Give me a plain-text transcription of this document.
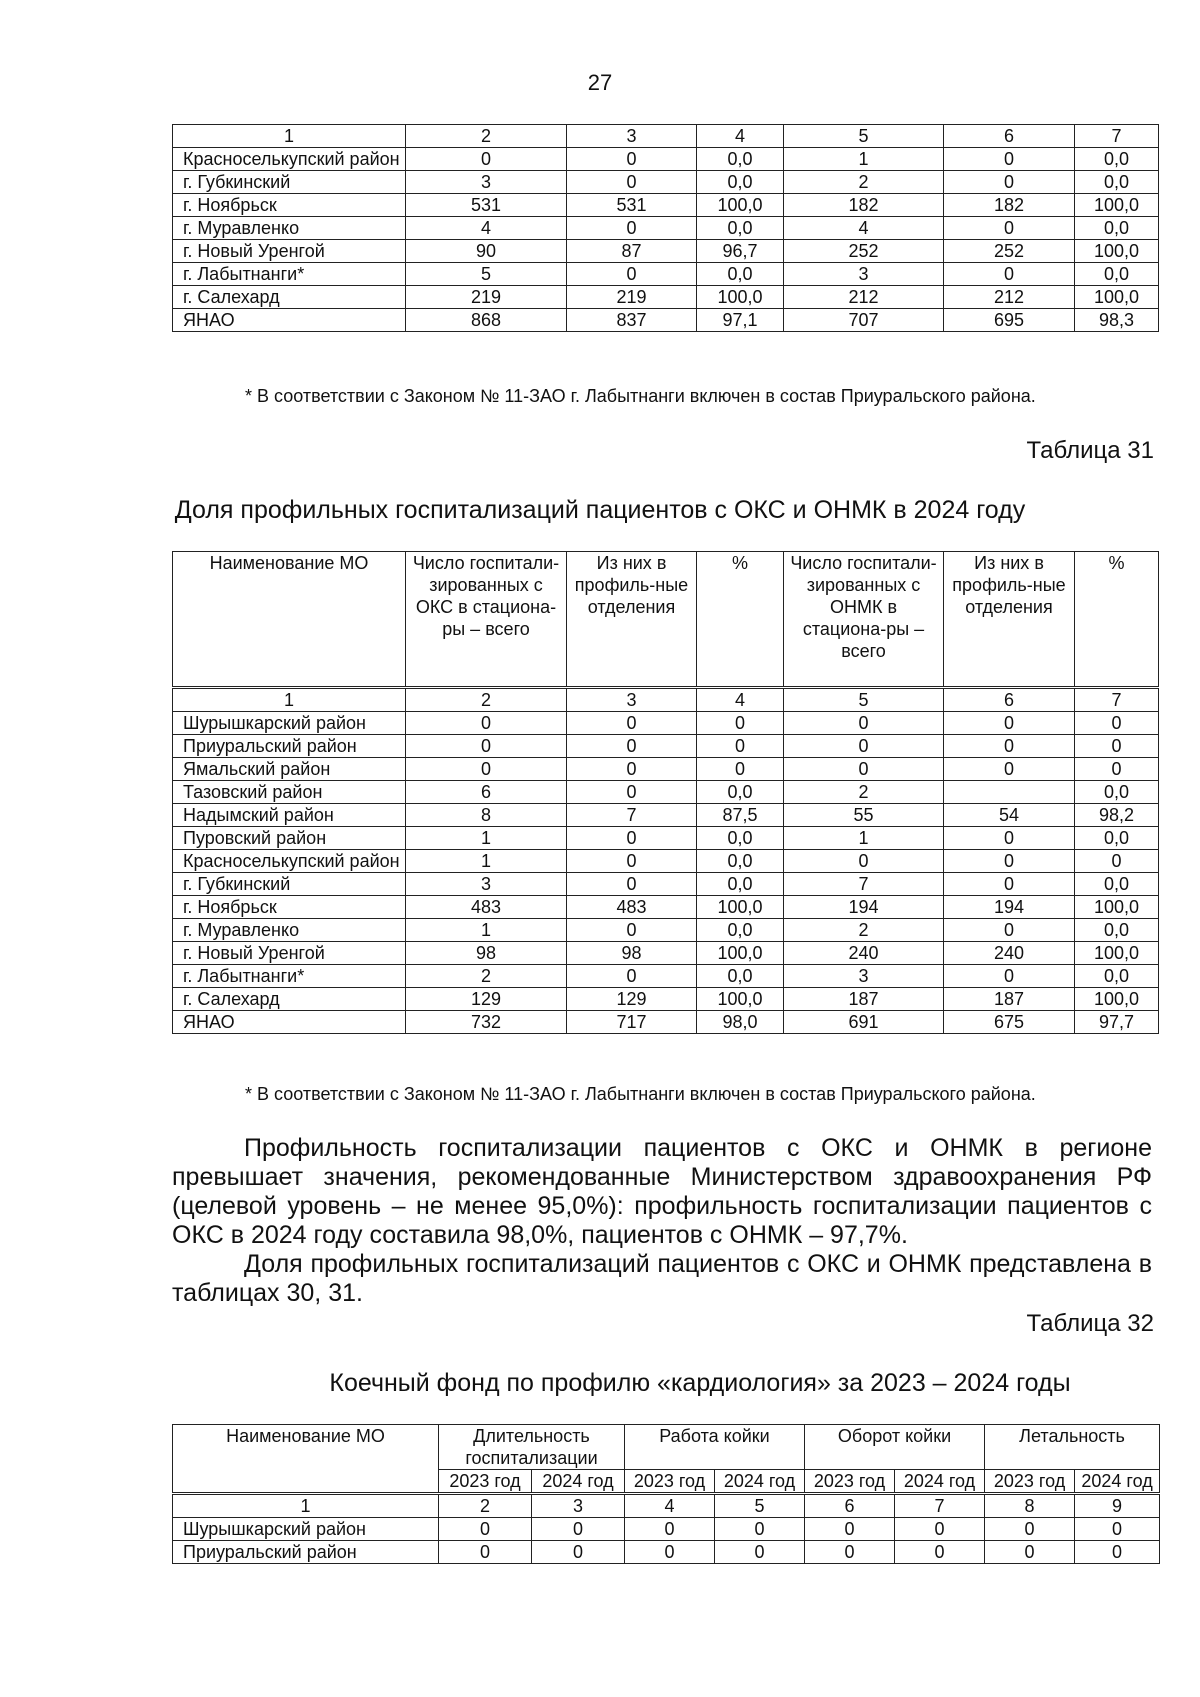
27
1	2	3	4	5	6	7
Красноселькупский район	0	0	0,0	1	0	0,0
г. Губкинский	3	0	0,0	2	0	0,0
г. Ноябрьск	531	531	100,0	182	182	100,0
г. Муравленко	4	0	0,0	4	0	0,0
г. Новый Уренгой	90	87	96,7	252	252	100,0
г. Лабытнанги*	5	0	0,0	3	0	0,0
г. Салехард	219	219	100,0	212	212	100,0
ЯНАО	868	837	97,1	707	695	98,3
* В соответствии с Законом № 11-ЗАО г. Лабытнанги включен в состав Приуральского района.
Таблица 31
Доля профильных госпитализаций пациентов с ОКС и ОНМК в 2024 году
Наименование МО	Число госпитали-зированных с ОКС в стациона-ры – всего	Из них в профиль-ные отделения	%	Число госпитали-зированных с ОНМК в стациона-ры – всего	Из них в профиль-ные отделения	%
1	2	3	4	5	6	7
Шурышкарский район	0	0	0	0	0	0
Приуральский район	0	0	0	0	0	0
Ямальский район	0	0	0	0	0	0
Тазовский район	6	0	0,0	2		0,0
Надымский район	8	7	87,5	55	54	98,2
Пуровский район	1	0	0,0	1	0	0,0
Красноселькупский район	1	0	0,0	0	0	0
г. Губкинский	3	0	0,0	7	0	0,0
г. Ноябрьск	483	483	100,0	194	194	100,0
г. Муравленко	1	0	0,0	2	0	0,0
г. Новый Уренгой	98	98	100,0	240	240	100,0
г. Лабытнанги*	2	0	0,0	3	0	0,0
г. Салехард	129	129	100,0	187	187	100,0
ЯНАО	732	717	98,0	691	675	97,7
* В соответствии с Законом № 11-ЗАО г. Лабытнанги включен в состав Приуральского района.

Профильность госпитализации пациентов с ОКС и ОНМК в регионе превышает значения, рекомендованные Министерством здравоохранения РФ (целевой уровень – не менее 95,0%): профильность госпитализации пациентов с ОКС в 2024 году составила 98,0%, пациентов с ОНМК – 97,7%.

Доля профильных госпитализаций пациентов с ОКС и ОНМК представлена в таблицах 30, 31.

Таблица 32
Коечный фонд по профилю «кардиология» за 2023 – 2024 годы
Наименование МО	Длительность госпитализации		Работа койки		Оборот койки		Летальность	
	2023 год	2024 год	2023 год	2024 год	2023 год	2024 год	2023 год	2024 год
1	2	3	4	5	6	7	8	9
Шурышкарский район	0	0	0	0	0	0	0	0
Приуральский район	0	0	0	0	0	0	0	0
